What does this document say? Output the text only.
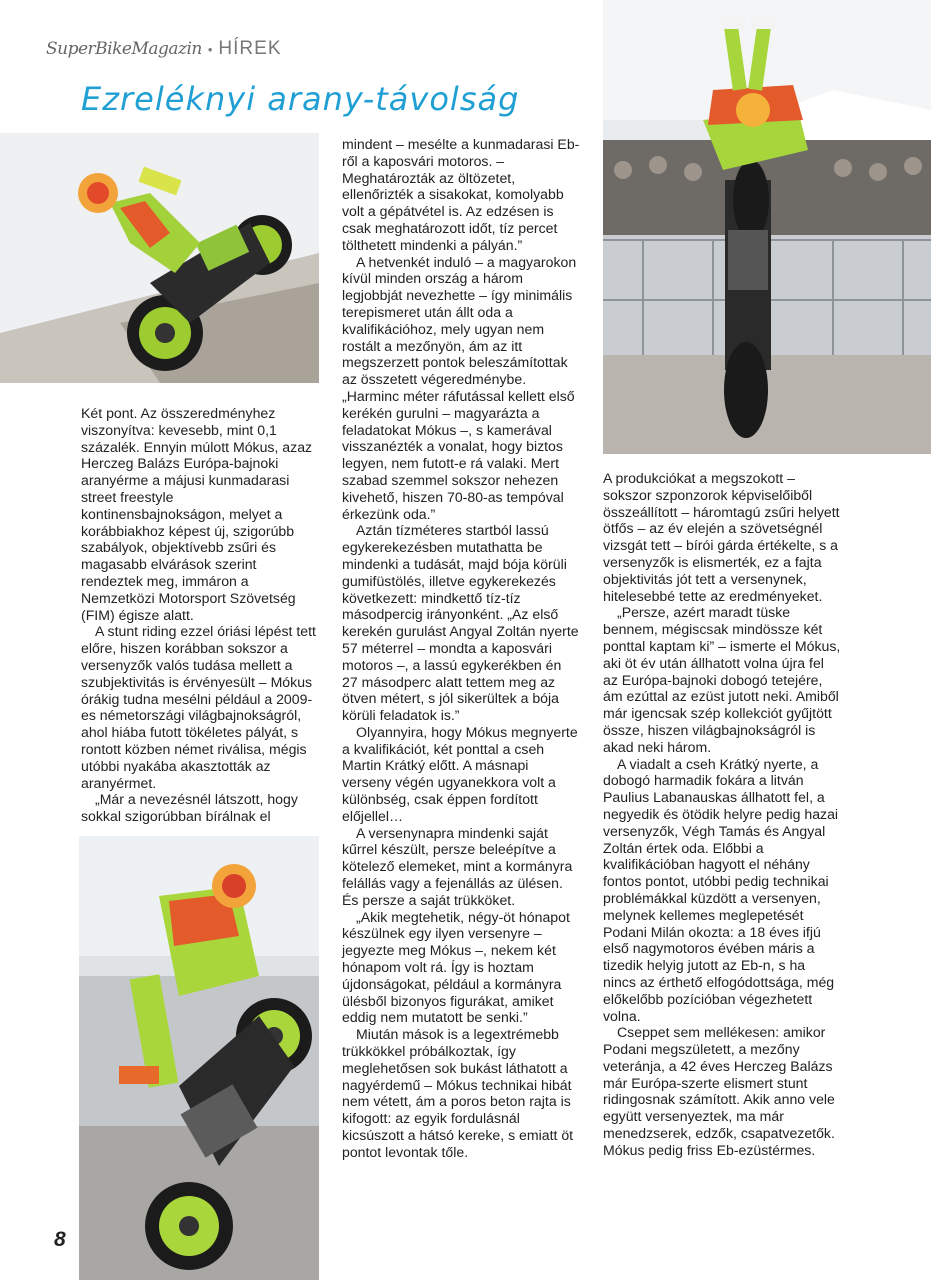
SuperBikeMagazin • HÍREK
Ezreléknyi arany-távolság

Két pont. Az összeredményhez viszonyítva: kevesebb, mint 0,1 százalék. Ennyin múlott Mókus, azaz Herczeg Balázs Európa-bajnoki aranyérme a májusi kunmadarasi street freestyle kontinensbajnokságon, melyet a korábbiakhoz képest új, szigorúbb szabályok, objektívebb zsűri és magasabb elvárások szerint rendeztek meg, immáron a Nemzetközi Motorsport Szövetség (FIM) égisze alatt.

A stunt riding ezzel óriási lépést tett előre, hiszen korábban sokszor a versenyzők valós tudása mellett a szubjektivitás is érvényesült – Mókus órákig tudna mesélni például a 2009-es németországi világbajnokságról, ahol hiába futott tökéletes pályát, s rontott közben német riválisa, mégis utóbbi nyakába akasztották az aranyérmet.

„Már a nevezésnél látszott, hogy sokkal szigorúbban bírálnak el

mindent – mesélte a kunmadarasi Eb-ről a kaposvári motoros. – Meghatározták az öltözetet, ellenőrizték a sisakokat, komolyabb volt a gépátvétel is. Az edzésen is csak meghatározott időt, tíz percet tölthetett mindenki a pályán.”

A hetvenkét induló – a magyarokon kívül minden ország a három legjobbját nevezhette – így minimális terepismeret után állt oda a kvalifikációhoz, mely ugyan nem rostált a mezőnyön, ám az itt megszerzett pontok beleszámítottak az összetett végeredménybe. „Harminc méter ráfutással kellett első kerékén gurulni – magyarázta a feladatokat Mókus –, s kamerával visszanézték a vonalat, hogy biztos legyen, nem futott-e rá valaki. Mert szabad szemmel sokszor nehezen kivehető, hiszen 70-80-as tempóval érkezünk oda.”

Aztán tízméteres startból lassú egykerekezésben mutathatta be mindenki a tudását, majd bója körüli gumifüstölés, illetve egykerekezés következett: mindkettő tíz-tíz másodpercig irányonként. „Az első kerekén gurulást Angyal Zoltán nyerte 57 méterrel – mondta a kaposvári motoros –, a lassú egykerékben én 27 másodperc alatt tettem meg az ötven métert, s jól sikerültek a bója körüli feladatok is.”

Olyannyira, hogy Mókus megnyerte a kvalifikációt, két ponttal a cseh Martin Krátký előtt. A másnapi verseny végén ugyanekkora volt a különbség, csak éppen fordított előjellel…

A versenynapra mindenki saját kűrrel készült, persze beleépítve a kötelező elemeket, mint a kormányra felállás vagy a fejenállás az ülésen. És persze a saját trükköket.

„Akik megtehetik, négy-öt hónapot készülnek egy ilyen versenyre – jegyezte meg Mókus –, nekem két hónapom volt rá. Így is hoztam újdonságokat, például a kormányra ülésből bizonyos figurákat, amiket eddig nem mutatott be senki.”

Miután mások is a legextrémebb trükkökkel próbálkoztak, így meglehetősen sok bukást láthatott a nagyérdemű – Mókus technikai hibát nem vétett, ám a poros beton rajta is kifogott: az egyik fordulásnál kicsúszott a hátsó kereke, s emiatt öt pontot levontak tőle.

A produkciókat a megszokott – sokszor szponzorok képviselőiből összeállított – háromtagú zsűri helyett ötfős – az év elején a szövetségnél vizsgát tett – bírói gárda értékelte, s a versenyzők is elismerték, ez a fajta objektivitás jót tett a versenynek, hitelesebbé tette az eredményeket.

„Persze, azért maradt tüske bennem, mégiscsak mindössze két ponttal kaptam ki” – ismerte el Mókus, aki öt év után állhatott volna újra fel az Európa-bajnoki dobogó tetejére, ám ezúttal az ezüst jutott neki. Amiből már igencsak szép kollekciót gyűjtött össze, hiszen világbajnokságról is akad neki három.

A viadalt a cseh Krátký nyerte, a dobogó harmadik fokára a litván Paulius Labanauskas állhatott fel, a negyedik és ötödik helyre pedig hazai versenyzők, Végh Tamás és Angyal Zoltán értek oda. Előbbi a kvalifikációban hagyott el néhány fontos pontot, utóbbi pedig technikai problémákkal küzdött a versenyen, melynek kellemes meglepetését Podani Milán okozta: a 18 éves ifjú első nagymotoros évében máris a tizedik helyig jutott az Eb-n, s ha nincs az érthető elfogódottsága, még előkelőbb pozícióban végezhetett volna.

Cseppet sem mellékesen: amikor Podani megszületett, a mezőny veteránja, a 42 éves Herczeg Balázs már Európa-szerte elismert stunt ridingosnak számított. Akik anno vele együtt versenyeztek, ma már menedzserek, edzők, csapatvezetők.

Mókus pedig friss Eb-ezüstérmes.

8
